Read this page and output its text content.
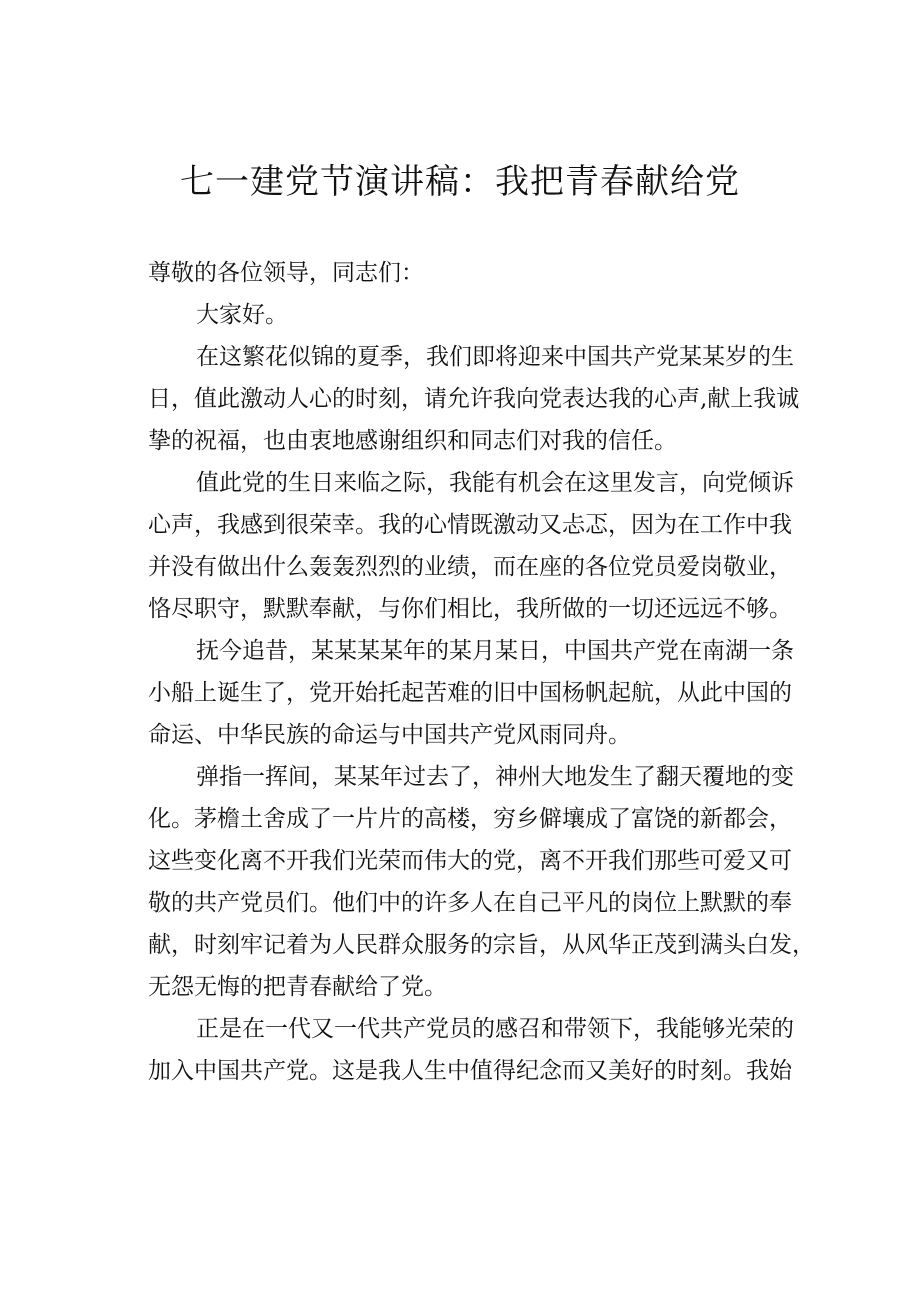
七一建党节演讲稿：我把青春献给党
尊敬的各位领导，同志们：
大家好。
在这繁花似锦的夏季，我们即将迎来中国共产党某某岁的生
日，值此激动人心的时刻，请允许我向党表达我的心声,献上我诚
挚的祝福，也由衷地感谢组织和同志们对我的信任。
值此党的生日来临之际，我能有机会在这里发言，向党倾诉
心声，我感到很荣幸。我的心情既激动又忐忑，因为在工作中我
并没有做出什么轰轰烈烈的业绩，而在座的各位党员爱岗敬业，
恪尽职守，默默奉献，与你们相比，我所做的一切还远远不够。
抚今追昔，某某某某年的某月某日，中国共产党在南湖一条
小船上诞生了，党开始托起苦难的旧中国杨帆起航，从此中国的
命运、中华民族的命运与中国共产党风雨同舟。
弹指一挥间，某某年过去了，神州大地发生了翻天覆地的变
化。茅檐土舍成了一片片的高楼，穷乡僻壤成了富饶的新都会，
这些变化离不开我们光荣而伟大的党，离不开我们那些可爱又可
敬的共产党员们。他们中的许多人在自己平凡的岗位上默默的奉
献，时刻牢记着为人民群众服务的宗旨，从风华正茂到满头白发，
无怨无悔的把青春献给了党。
正是在一代又一代共产党员的感召和带领下，我能够光荣的
加入中国共产党。这是我人生中值得纪念而又美好的时刻。我始
